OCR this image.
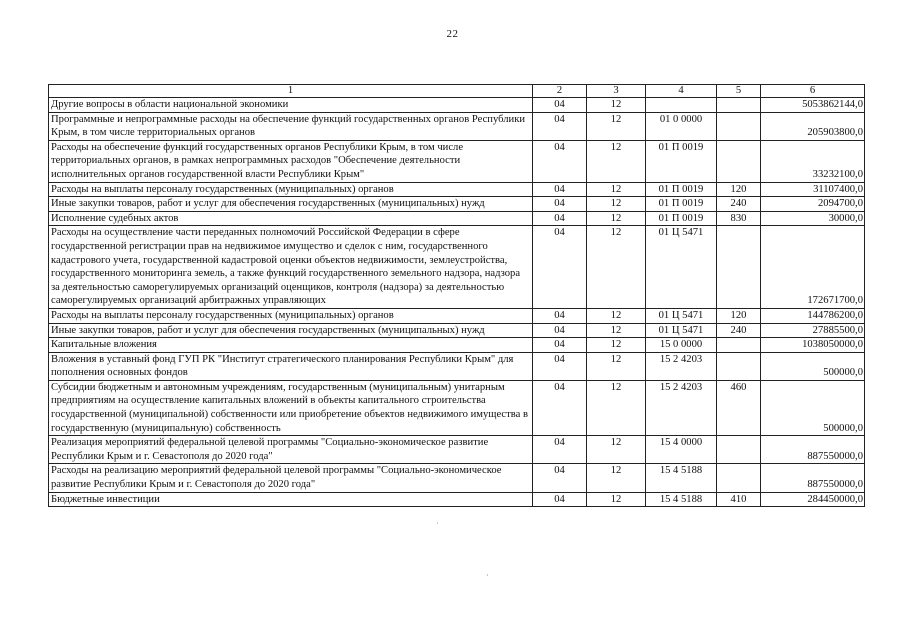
22
1	2	3	4	5	6
Другие вопросы в области национальной экономики	04	12			5053862144,0
Программные и непрограммные расходы на обеспечение функций государственных органов Республики Крым, в том числе территориальных органов	04	12	01 0 0000		205903800,0
Расходы на обеспечение функций государственных органов Республики Крым, в том числе территориальных органов, в рамках непрограммных расходов "Обеспечение деятельности исполнительных органов государственной власти Республики Крым"	04	12	01 П 0019		33232100,0
Расходы на выплаты персоналу государственных (муниципальных) органов	04	12	01 П 0019	120	31107400,0
Иные закупки товаров, работ и услуг для обеспечения государственных (муниципальных) нужд	04	12	01 П 0019	240	2094700,0
Исполнение судебных актов	04	12	01 П 0019	830	30000,0
Расходы на осуществление части переданных полномочий Российской Федерации в сфере государственной регистрации прав на недвижимое имущество и сделок с ним, государственного кадастрового учета, государственной кадастровой оценки объектов недвижимости, землеустройства, государственного мониторинга земель, а также функций государственного земельного надзора, надзора за деятельностью саморегулируемых организаций оценщиков, контроля (надзора) за деятельностью саморегулируемых организаций арбитражных управляющих	04	12	01 Ц 5471		172671700,0
Расходы на выплаты персоналу государственных (муниципальных) органов	04	12	01 Ц 5471	120	144786200,0
Иные закупки товаров, работ и услуг для обеспечения государственных (муниципальных) нужд	04	12	01 Ц 5471	240	27885500,0
Капитальные вложения	04	12	15 0 0000		1038050000,0
Вложения в уставный фонд ГУП РК "Институт стратегического планирования Республики Крым" для пополнения основных фондов	04	12	15 2 4203		500000,0
Субсидии бюджетным и автономным учреждениям, государственным (муниципальным) унитарным предприятиям на осуществление капитальных вложений в объекты капитального строительства государственной (муниципальной) собственности или приобретение объектов недвижимого имущества в государственную (муниципальную) собственность	04	12	15 2 4203	460	500000,0
Реализация мероприятий федеральной целевой программы "Социально-экономическое развитие Республики Крым и г. Севастополя до 2020 года"	04	12	15 4 0000		887550000,0
Расходы на реализацию мероприятий федеральной целевой программы "Социально-экономическое развитие Республики Крым и г. Севастополя до 2020 года"	04	12	15 4 5188		887550000,0
Бюджетные инвестиции	04	12	15 4 5188	410	284450000,0
·
·
